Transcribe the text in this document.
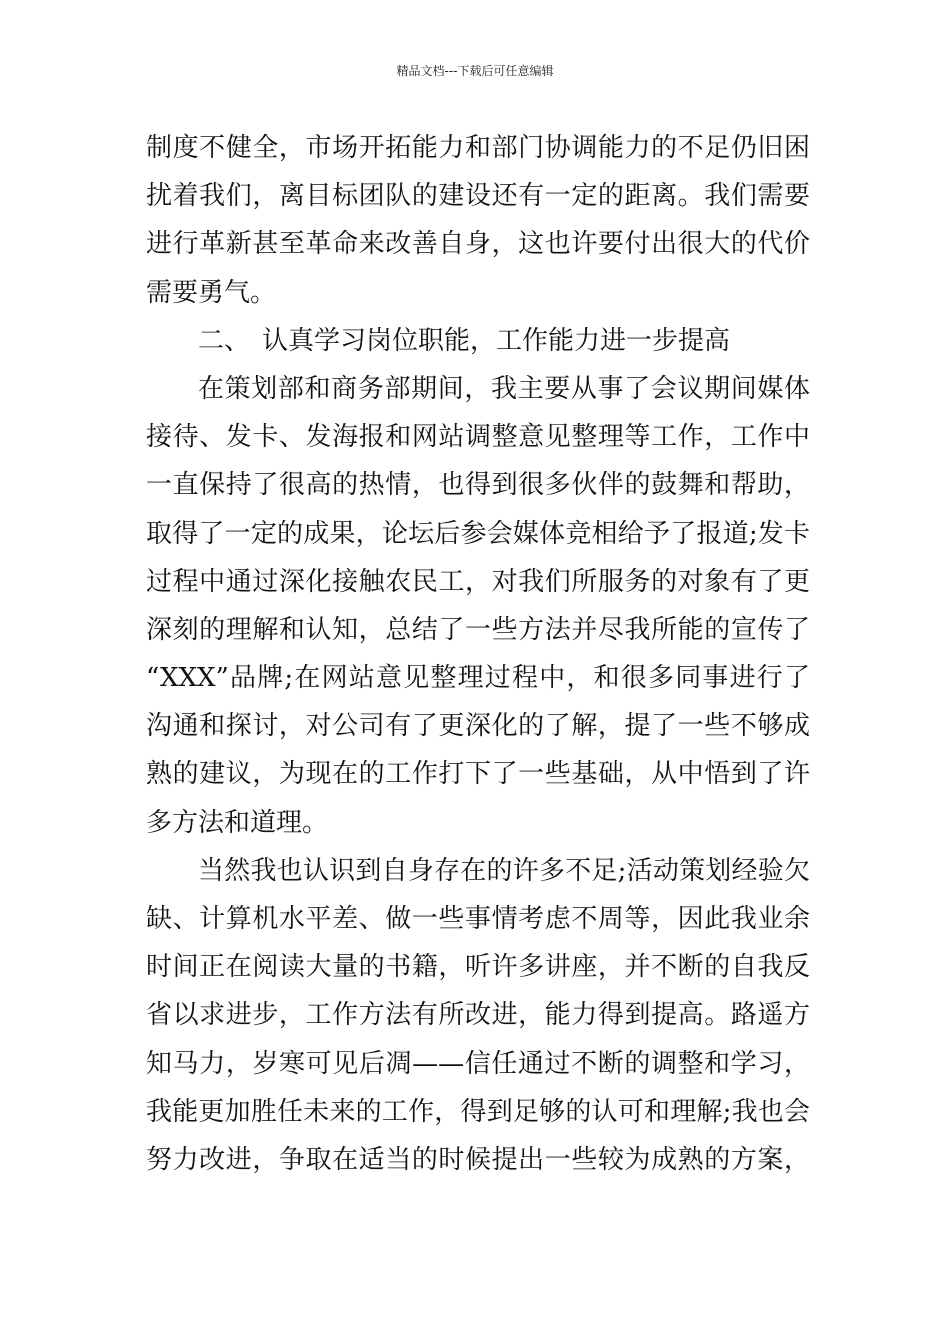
精品文档---下载后可任意编辑
制度不健全，市场开拓能力和部门协调能力的不足仍旧困
扰着我们，离目标团队的建设还有一定的距离。我们需要
进行革新甚至革命来改善自身，这也许要付出很大的代价
需要勇气。
二、 认真学习岗位职能，工作能力进一步提高
在策划部和商务部期间，我主要从事了会议期间媒体
接待、发卡、发海报和网站调整意见整理等工作，工作中
一直保持了很高的热情，也得到很多伙伴的鼓舞和帮助，
取得了一定的成果，论坛后参会媒体竞相给予了报道;发卡
过程中通过深化接触农民工，对我们所服务的对象有了更
深刻的理解和认知，总结了一些方法并尽我所能的宣传了
“XXX”品牌;在网站意见整理过程中，和很多同事进行了
沟通和探讨，对公司有了更深化的了解，提了一些不够成
熟的建议，为现在的工作打下了一些基础，从中悟到了许
多方法和道理。
当然我也认识到自身存在的许多不足;活动策划经验欠
缺、计算机水平差、做一些事情考虑不周等，因此我业余
时间正在阅读大量的书籍，听许多讲座，并不断的自我反
省以求进步，工作方法有所改进，能力得到提高。路遥方
知马力，岁寒可见后凋——信任通过不断的调整和学习，
我能更加胜任未来的工作，得到足够的认可和理解;我也会
努力改进，争取在适当的时候提出一些较为成熟的方案，
